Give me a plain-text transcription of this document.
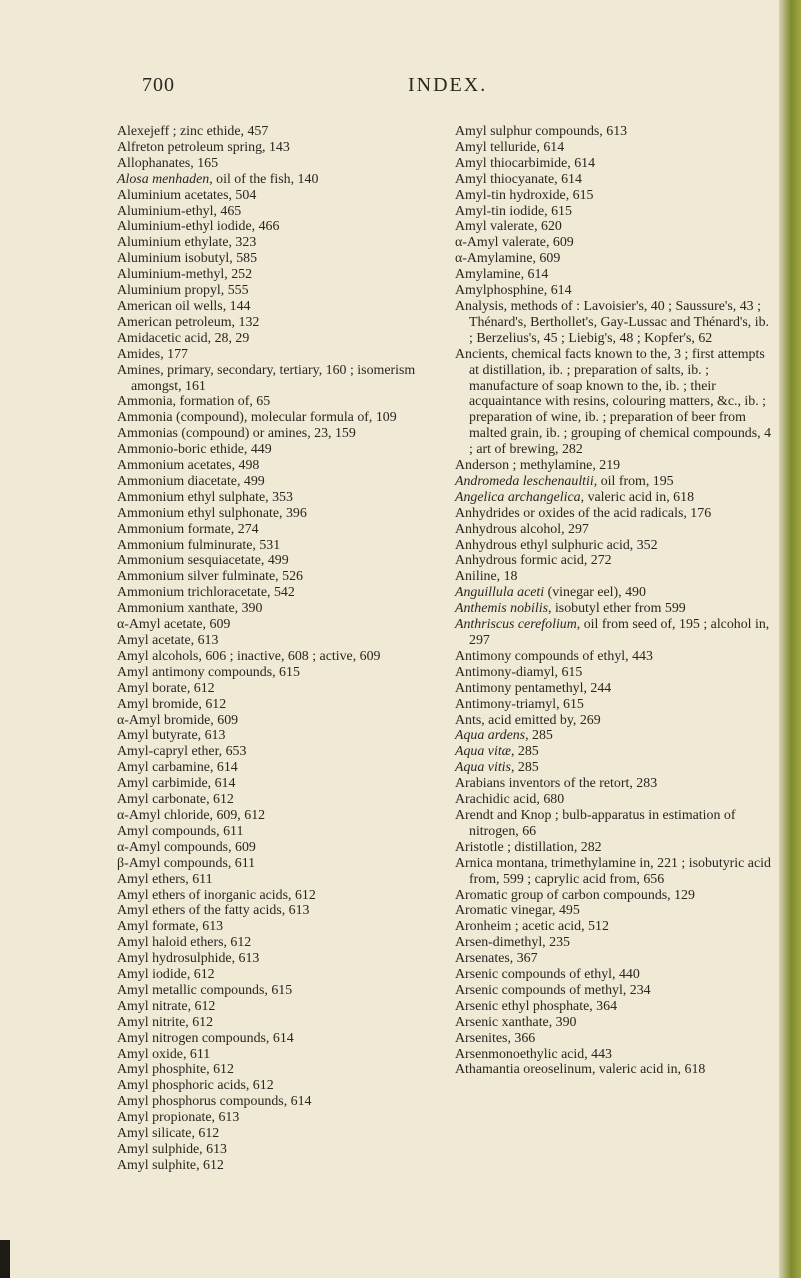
700	INDEX.

Alexejeff ; zinc ethide, 457

Alfreton petroleum spring, 143

Allophanates, 165

Alosa menhaden, oil of the fish, 140

Aluminium acetates, 504

Aluminium-ethyl, 465

Aluminium-ethyl iodide, 466

Aluminium ethylate, 323

Aluminium isobutyl, 585

Aluminium-methyl, 252

Aluminium propyl, 555

American oil wells, 144

American petroleum, 132

Amidacetic acid, 28, 29

Amides, 177

Amines, primary, secondary, tertiary, 160 ; isomerism amongst, 161

Ammonia, formation of, 65

Ammonia (compound), molecular formula of, 109

Ammonias (compound) or amines, 23, 159

Ammonio-boric ethide, 449

Ammonium acetates, 498

Ammonium diacetate, 499

Ammonium ethyl sulphate, 353

Ammonium ethyl sulphonate, 396

Ammonium formate, 274

Ammonium fulminurate, 531

Ammonium sesquiacetate, 499

Ammonium silver fulminate, 526

Ammonium trichloracetate, 542

Ammonium xanthate, 390

α-Amyl acetate, 609

Amyl acetate, 613

Amyl alcohols, 606 ; inactive, 608 ; active, 609

Amyl antimony compounds, 615

Amyl borate, 612

Amyl bromide, 612

α-Amyl bromide, 609

Amyl butyrate, 613

Amyl-capryl ether, 653

Amyl carbamine, 614

Amyl carbimide, 614

Amyl carbonate, 612

α-Amyl chloride, 609, 612

Amyl compounds, 611

α-Amyl compounds, 609

β-Amyl compounds, 611

Amyl ethers, 611

Amyl ethers of inorganic acids, 612

Amyl ethers of the fatty acids, 613

Amyl formate, 613

Amyl haloid ethers, 612

Amyl hydrosulphide, 613

Amyl iodide, 612

Amyl metallic compounds, 615

Amyl nitrate, 612

Amyl nitrite, 612

Amyl nitrogen compounds, 614

Amyl oxide, 611

Amyl phosphite, 612

Amyl phosphoric acids, 612

Amyl phosphorus compounds, 614

Amyl propionate, 613

Amyl silicate, 612

Amyl sulphide, 613

Amyl sulphite, 612

Amyl sulphur compounds, 613

Amyl telluride, 614

Amyl thiocarbimide, 614

Amyl thiocyanate, 614

Amyl-tin hydroxide, 615

Amyl-tin iodide, 615

Amyl valerate, 620

α-Amyl valerate, 609

α-Amylamine, 609

Amylamine, 614

Amylphosphine, 614

Analysis, methods of : Lavoisier's, 40 ; Saussure's, 43 ; Thénard's, Berthollet's, Gay-Lussac and Thénard's, ib. ; Berzelius's, 45 ; Liebig's, 48 ; Kopfer's, 62

Ancients, chemical facts known to the, 3 ; first attempts at distillation, ib. ; preparation of salts, ib. ; manufacture of soap known to the, ib. ; their acquaintance with resins, colouring matters, &c., ib. ; preparation of wine, ib. ; preparation of beer from malted grain, ib. ; grouping of chemical compounds, 4 ; art of brewing, 282

Anderson ; methylamine, 219

Andromeda leschenaultii, oil from, 195

Angelica archangelica, valeric acid in, 618

Anhydrides or oxides of the acid radicals, 176

Anhydrous alcohol, 297

Anhydrous ethyl sulphuric acid, 352

Anhydrous formic acid, 272

Aniline, 18

Anguillula aceti (vinegar eel), 490

Anthemis nobilis, isobutyl ether from 599

Anthriscus cerefolium, oil from seed of, 195 ; alcohol in, 297

Antimony compounds of ethyl, 443

Antimony-diamyl, 615

Antimony pentamethyl, 244

Antimony-triamyl, 615

Ants, acid emitted by, 269

Aqua ardens, 285

Aqua vitæ, 285

Aqua vitis, 285

Arabians inventors of the retort, 283

Arachidic acid, 680

Arendt and Knop ; bulb-apparatus in estimation of nitrogen, 66

Aristotle ; distillation, 282

Arnica montana, trimethylamine in, 221 ; isobutyric acid from, 599 ; caprylic acid from, 656

Aromatic group of carbon compounds, 129

Aromatic vinegar, 495

Aronheim ; acetic acid, 512

Arsen-dimethyl, 235

Arsenates, 367

Arsenic compounds of ethyl, 440

Arsenic compounds of methyl, 234

Arsenic ethyl phosphate, 364

Arsenic xanthate, 390

Arsenites, 366

Arsenmonoethylic acid, 443

Athamantia oreoselinum, valeric acid in, 618
